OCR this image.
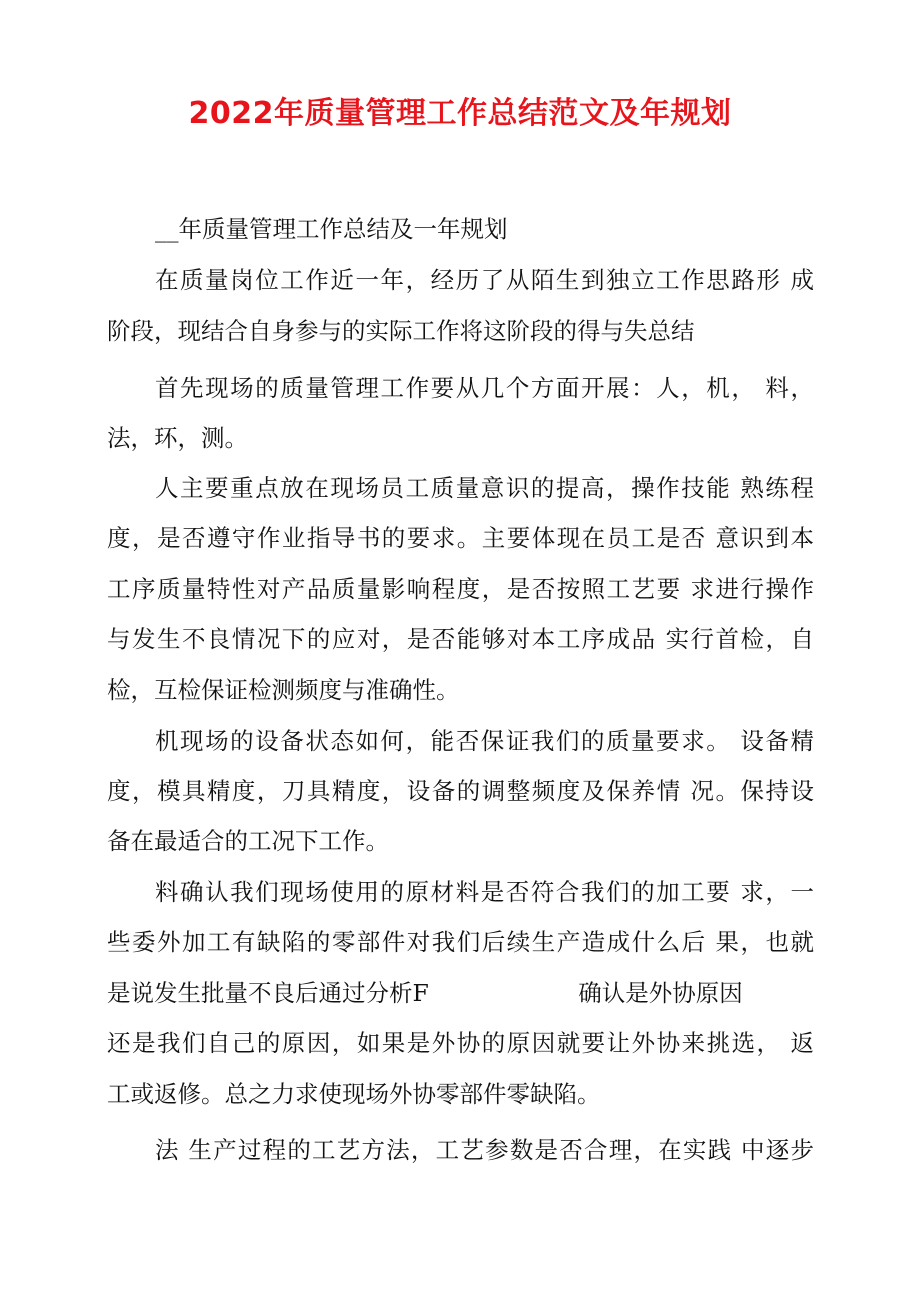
2022年质量管理工作总结范文及年规划

__年质量管理工作总结及一年规划

在质量岗位工作近一年，经历了从陌生到独立工作思路形 成

阶段，现结合自身参与的实际工作将这阶段的得与失总结

首先现场的质量管理工作要从几个方面开展：人，机， 料，

法，环，测。

人主要重点放在现场员工质量意识的提高，操作技能 熟练程

度，是否遵守作业指导书的要求。主要体现在员工是否 意识到本

工序质量特性对产品质量影响程度，是否按照工艺要 求进行操作

与发生不良情况下的应对，是否能够对本工序成品 实行首检，自

检，互检保证检测频度与准确性。

机现场的设备状态如何，能否保证我们的质量要求。 设备精

度，模具精度，刀具精度，设备的调整频度及保养情 况。保持设

备在最适合的工况下工作。

料确认我们现场使用的原材料是否符合我们的加工要 求，一

些委外加工有缺陷的零部件对我们后续生产造成什么后 果，也就

是说发生批量不良后通过分析F                    确认是外协原因

还是我们自己的原因，如果是外协的原因就要让外协来挑选， 返

工或返修。总之力求使现场外协零部件零缺陷。

法 生产过程的工艺方法，工艺参数是否合理，在实践 中逐步
